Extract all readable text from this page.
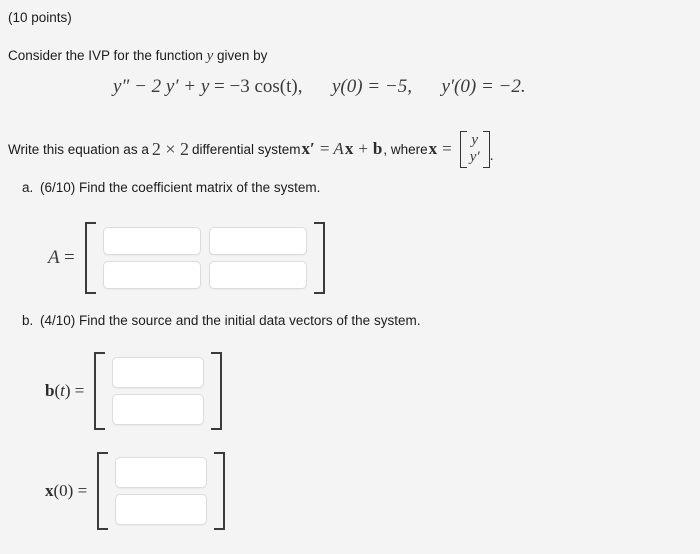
(10 points)
Consider the IVP for the function y given by
y″ − 2 y′ + y = −3 cos(t), y(0) = −5, y′(0) = −2.
Write this equation as a 2 × 2 differential system x′ = A x + b , where x = y
y′ .
a. (6/10) Find the coefficient matrix of the system.
A =
b. (4/10) Find the source and the initial data vectors of the system.
b(t) =
x(0) =
